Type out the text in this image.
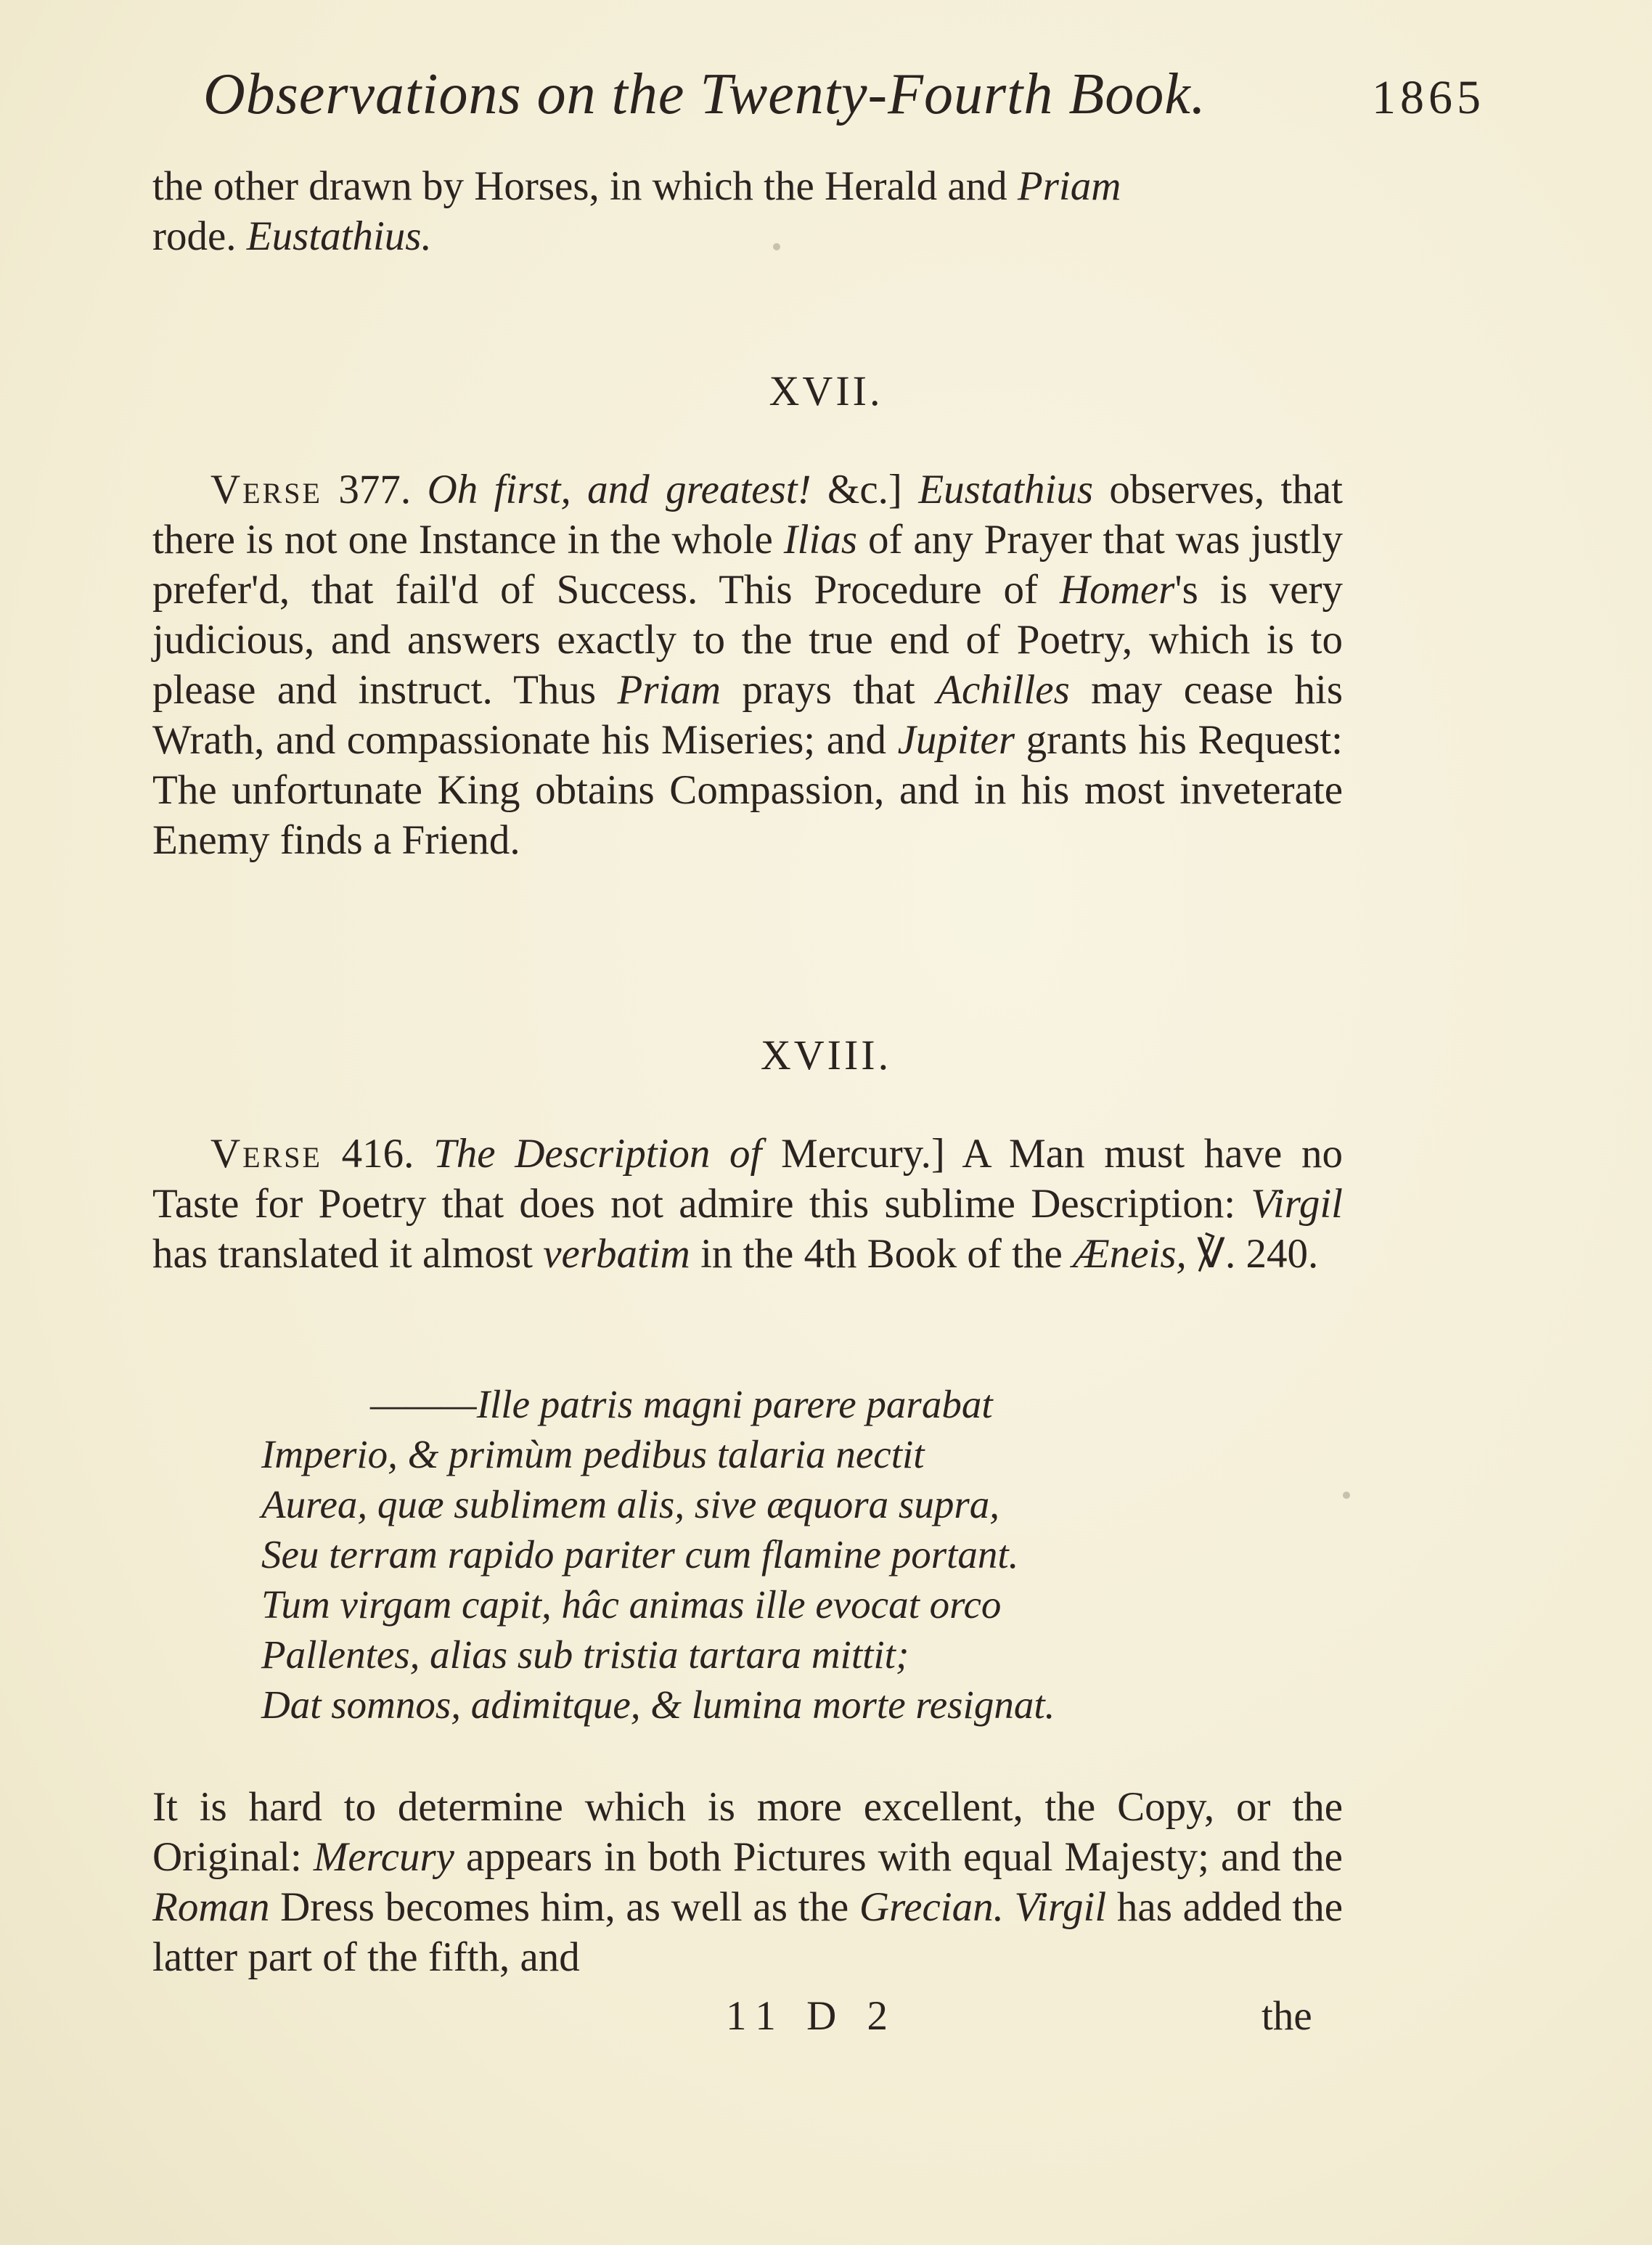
Observations on the Twenty-Fourth Book.	1865

the other drawn by Horses, in which the Herald and Priam
rode. Eustathius.

XVII.

Verse 377. Oh first, and greatest! &c.] Eustathius observes, that there is not one Instance in the whole Ilias of any Prayer that was justly prefer'd, that fail'd of Success. This Procedure of Homer's is very judicious, and answers exactly to the true end of Poetry, which is to please and instruct. Thus Priam prays that Achilles may cease his Wrath, and compassionate his Miseries; and Jupiter grants his Request: The unfortunate King obtains Compassion, and in his most inveterate Enemy finds a Friend.

XVIII.

Verse 416. The Description of Mercury.] A Man must have no Taste for Poetry that does not admire this sublime Description: Virgil has translated it almost verbatim in the 4th Book of the Æneis, ℣. 240.

———Ille patris magni parere parabat
Imperio, & primùm pedibus talaria nectit
Aurea, quæ sublimem alis, sive æquora supra,
Seu terram rapido pariter cum flamine portant.
Tum virgam capit, hâc animas ille evocat orco
Pallentes, alias sub tristia tartara mittit;
Dat somnos, adimitque, & lumina morte resignat.

It is hard to determine which is more excellent, the Copy, or the Original: Mercury appears in both Pictures with equal Majesty; and the Roman Dress becomes him, as well as the Grecian. Virgil has added the latter part of the fifth, and

11 D 2	the
